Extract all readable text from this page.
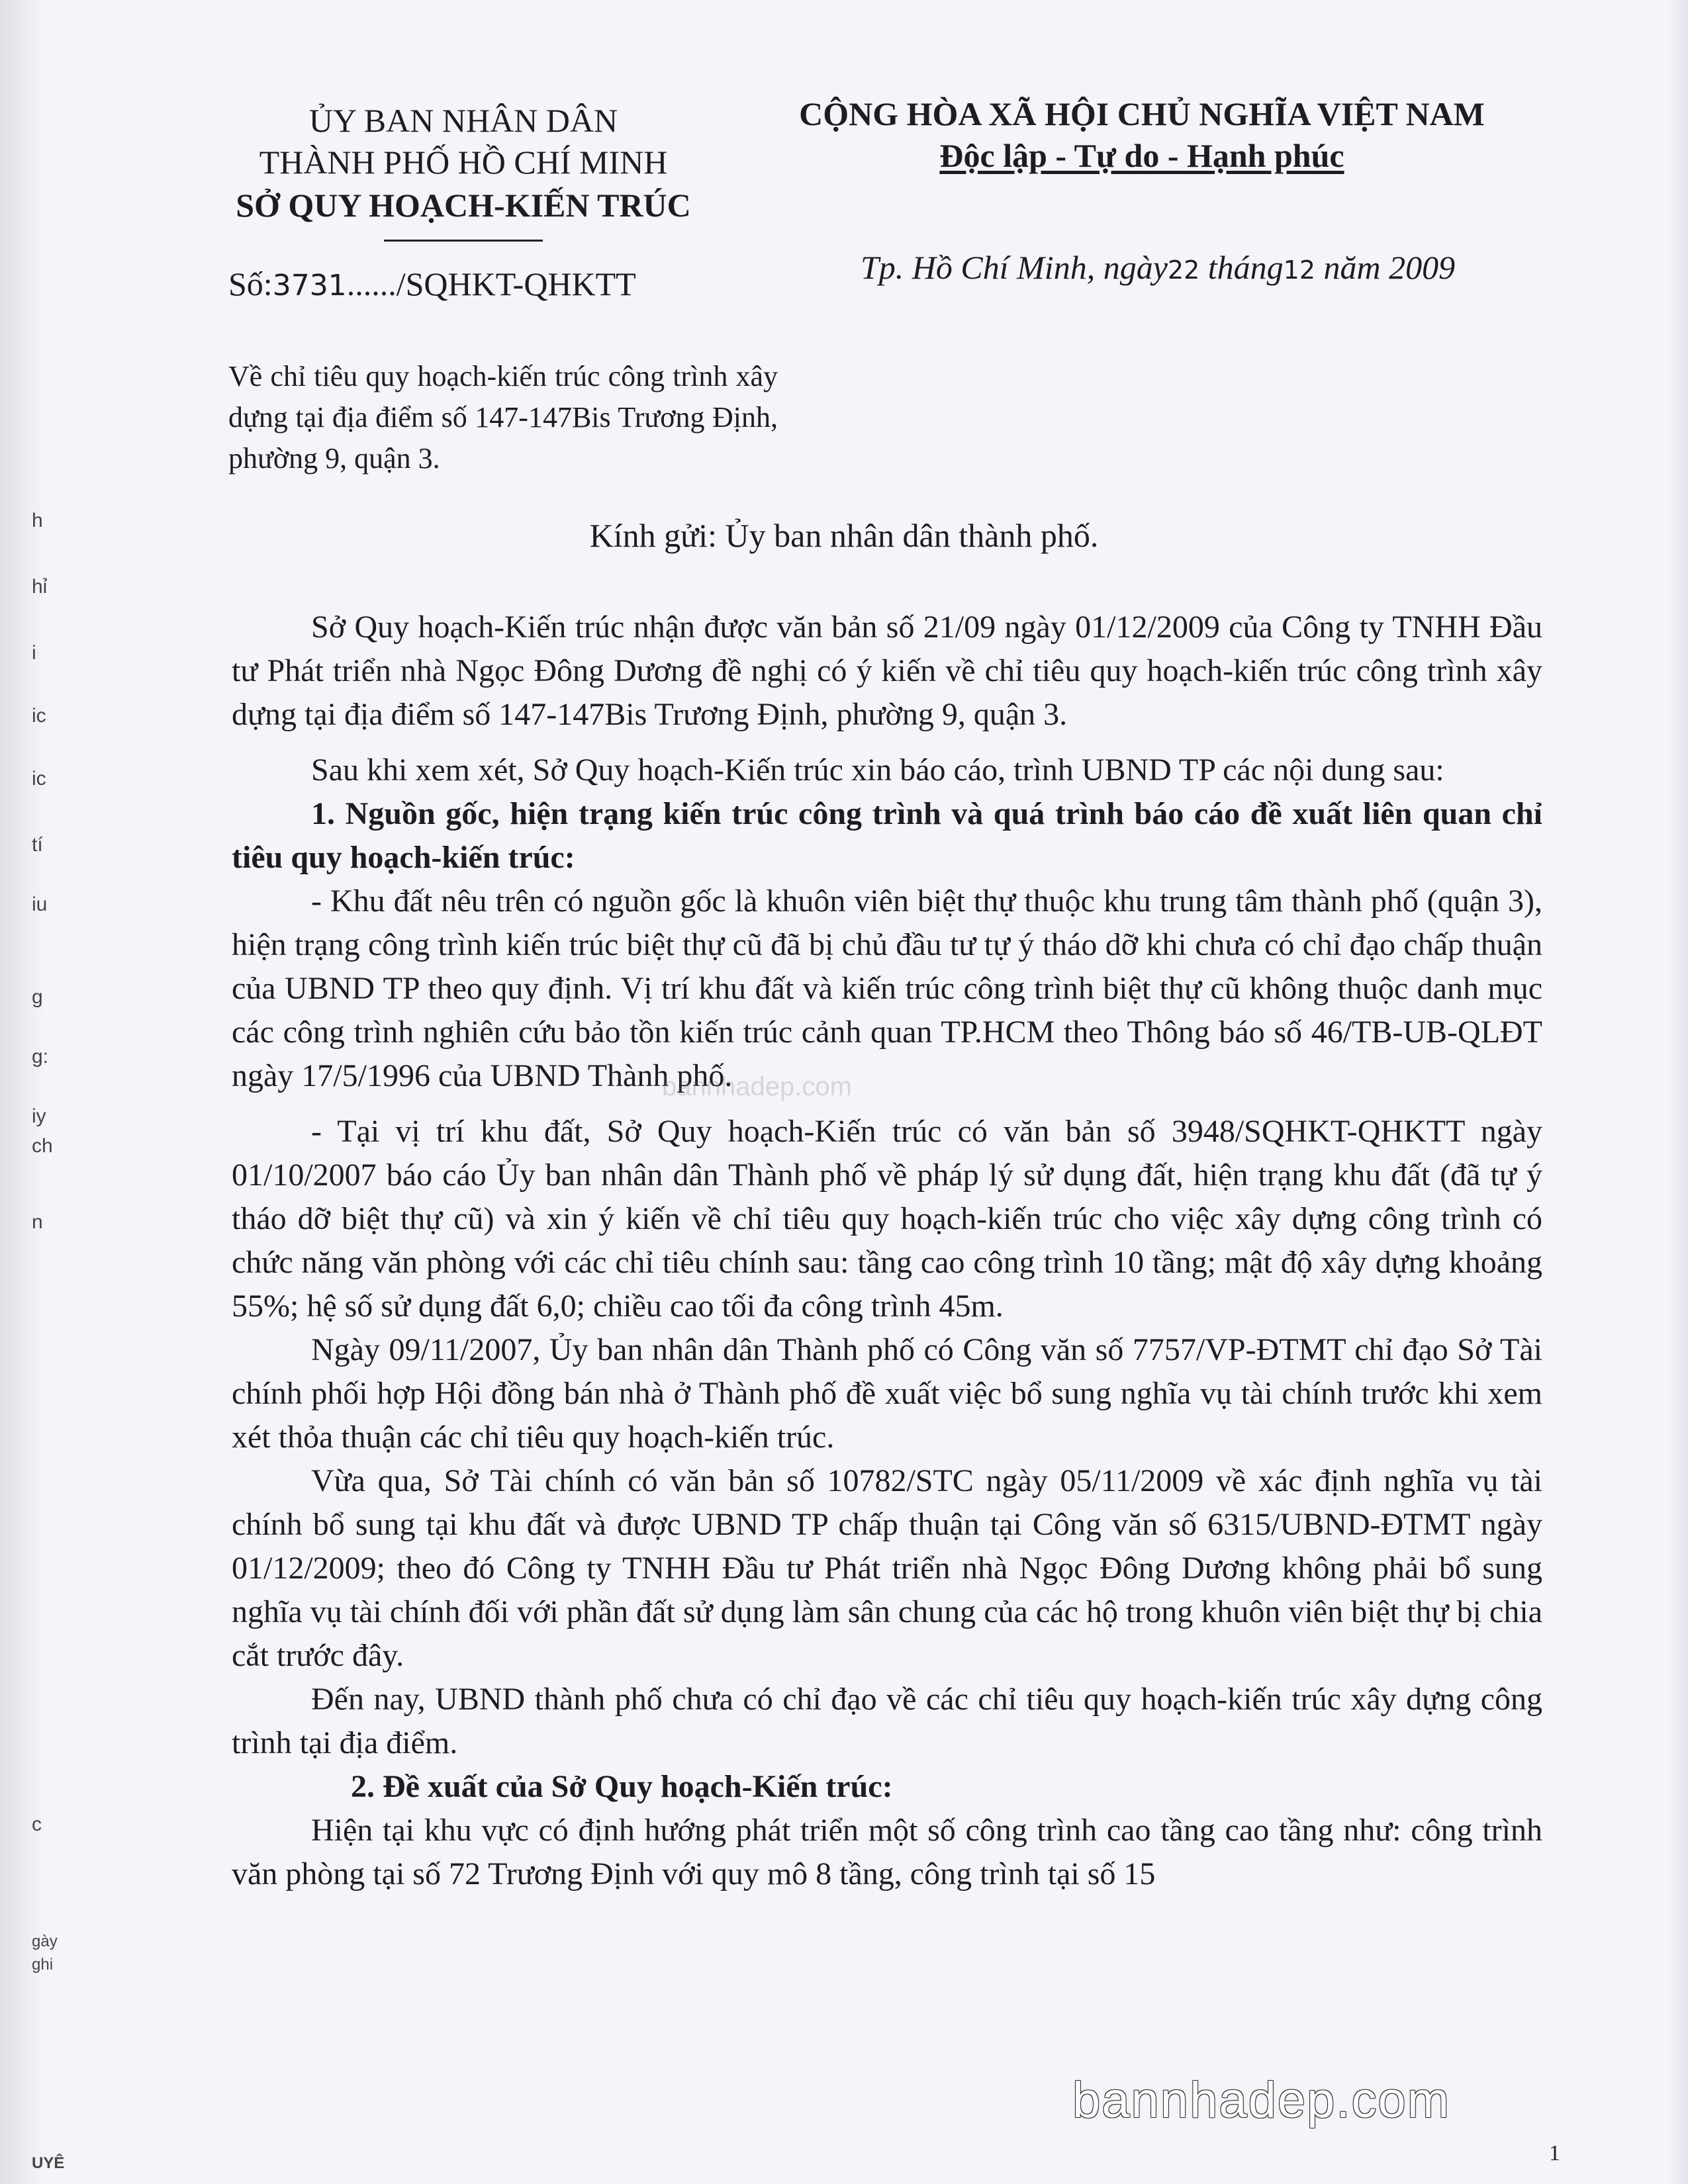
h
hỉ
i
ic
ic
tí
iu
g
g:
iy
ch
n
c
gày
ghi
UYÊ
ỦY BAN NHÂN DÂN
THÀNH PHỐ HỒ CHÍ MINH
SỞ QUY HOẠCH-KIẾN TRÚC
CỘNG HÒA XÃ HỘI CHỦ NGHĨA VIỆT NAM
Độc lập - Tự do - Hạnh phúc
Số:3731....../SQHKT-QHKTT	Tp. Hồ Chí Minh, ngày22 tháng12 năm 2009
Về chỉ tiêu quy hoạch-kiến trúc công trình xây dựng tại địa điểm số 147-147Bis Trương Định, phường 9, quận 3.
Kính gửi: Ủy ban nhân dân thành phố.

Sở Quy hoạch-Kiến trúc nhận được văn bản số 21/09 ngày 01/12/2009 của Công ty TNHH Đầu tư Phát triển nhà Ngọc Đông Dương đề nghị có ý kiến về chỉ tiêu quy hoạch-kiến trúc công trình xây dựng tại địa điểm số 147-147Bis Trương Định, phường 9, quận 3.

Sau khi xem xét, Sở Quy hoạch-Kiến trúc xin báo cáo, trình UBND TP các nội dung sau:

1. Nguồn gốc, hiện trạng kiến trúc công trình và quá trình báo cáo đề xuất liên quan chỉ tiêu quy hoạch-kiến trúc:

- Khu đất nêu trên có nguồn gốc là khuôn viên biệt thự thuộc khu trung tâm thành phố (quận 3), hiện trạng công trình kiến trúc biệt thự cũ đã bị chủ đầu tư tự ý tháo dỡ khi chưa có chỉ đạo chấp thuận của UBND TP theo quy định. Vị trí khu đất và kiến trúc công trình biệt thự cũ không thuộc danh mục các công trình nghiên cứu bảo tồn kiến trúc cảnh quan TP.HCM theo Thông báo số 46/TB-UB-QLĐT ngày 17/5/1996 của UBND Thành phố.

- Tại vị trí khu đất, Sở Quy hoạch-Kiến trúc có văn bản số 3948/SQHKT-QHKTT ngày 01/10/2007 báo cáo Ủy ban nhân dân Thành phố về pháp lý sử dụng đất, hiện trạng khu đất (đã tự ý tháo dỡ biệt thự cũ) và xin ý kiến về chỉ tiêu quy hoạch-kiến trúc cho việc xây dựng công trình có chức năng văn phòng với các chỉ tiêu chính sau: tầng cao công trình 10 tầng; mật độ xây dựng khoảng 55%; hệ số sử dụng đất 6,0; chiều cao tối đa công trình 45m.

Ngày 09/11/2007, Ủy ban nhân dân Thành phố có Công văn số 7757/VP-ĐTMT chỉ đạo Sở Tài chính phối hợp Hội đồng bán nhà ở Thành phố đề xuất việc bổ sung nghĩa vụ tài chính trước khi xem xét thỏa thuận các chỉ tiêu quy hoạch-kiến trúc.

Vừa qua, Sở Tài chính có văn bản số 10782/STC ngày 05/11/2009 về xác định nghĩa vụ tài chính bổ sung tại khu đất và được UBND TP chấp thuận tại Công văn số 6315/UBND-ĐTMT ngày 01/12/2009; theo đó Công ty TNHH Đầu tư Phát triển nhà Ngọc Đông Dương không phải bổ sung nghĩa vụ tài chính đối với phần đất sử dụng làm sân chung của các hộ trong khuôn viên biệt thự bị chia cắt trước đây.

Đến nay, UBND thành phố chưa có chỉ đạo về các chỉ tiêu quy hoạch-kiến trúc xây dựng công trình tại địa điểm.

2. Đề xuất của Sở Quy hoạch-Kiến trúc:

Hiện tại khu vực có định hướng phát triển một số công trình cao tầng cao tầng như: công trình văn phòng tại số 72 Trương Định với quy mô 8 tầng, công trình tại số 15

bannhadep.com
bannhadep.com
1
